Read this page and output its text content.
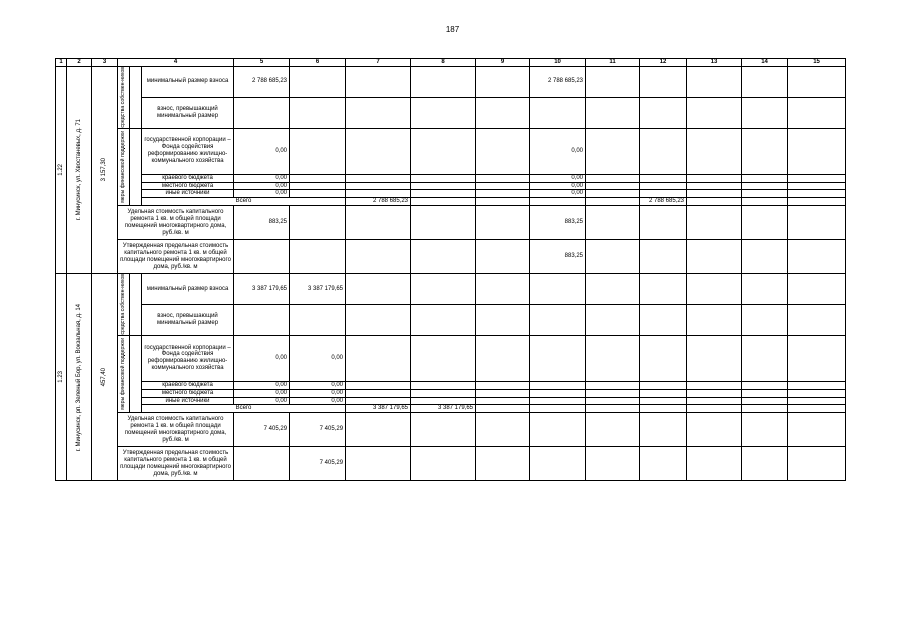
187
1	2	3	4			5	6	7	8	9	10	11	12	13	14	15	

1.22	г. Минусинск, ул. Хвостаневых, д. 71	3 157,30	средства собствен-ников		минимальный размер взноса	2 788 685,23					2 788 685,23						
					взнос, превышающий минимальный размер												

			меры финансовой поддержки		государственной корпорации – Фонда содействия реформированию жилищно-коммунального хозяйства	0,00					0,00						
					краевого бюджета	0,00					0,00						
					местного бюджета	0,00					0,00						
					иные источники	0,00					0,00						
					Всего			2 788 685,23					2 788 685,23					
			Удельная стоимость капитального ремонта 1 кв. м общей площади помещений многоквартирного дома, руб./кв. м			883,25					883,25						
			Утвержденная предельная стоимость капитального ремонта 1 кв. м общей площади помещений многоквартирного дома, руб./кв. м								883,25						

1.23	г. Минусинск, рп. Зеленый Бор, ул. Вокзальная, д. 14	457,40	средства собствен-ников		минимальный размер взноса	3 387 179,65	3 387 179,65										
					взнос, превышающий минимальный размер												

			меры финансовой поддержки		государственной корпорации – Фонда содействия реформированию жилищно-коммунального хозяйства	0,00	0,00										
					краевого бюджета	0,00	0,00										
					местного бюджета	0,00	0,00										
					иные источники	0,00	0,00										
					Всего			3 387 179,65	3 387 179,65									
			Удельная стоимость капитального ремонта 1 кв. м общей площади помещений многоквартирного дома, руб./кв. м			7 405,29	7 405,29										
			Утвержденная предельная стоимость капитального ремонта 1 кв. м общей площади помещений многоквартирного дома, руб./кв. м				7 405,29										
